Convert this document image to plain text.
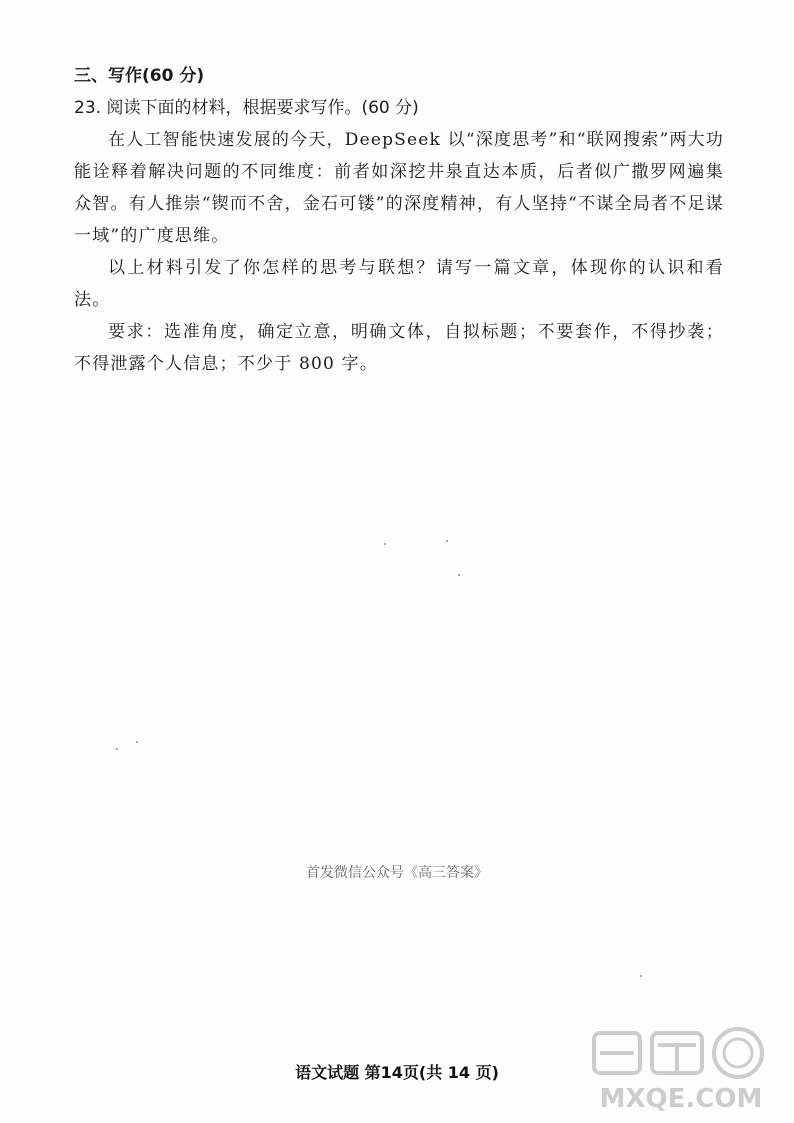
三、写作(60 分)

23. 阅读下面的材料，根据要求写作。(60 分)

在人工智能快速发展的今天，DeepSeek 以“深度思考”和“联网搜索”两大功能诠释着解决问题的不同维度：前者如深挖井泉直达本质，后者似广撒罗网遍集众智。有人推崇“锲而不舍，金石可镂”的深度精神，有人坚持“不谋全局者不足谋一域”的广度思维。

以上材料引发了你怎样的思考与联想？请写一篇文章，体现你的认识和看法。

要求：选准角度，确定立意，明确文体，自拟标题；不要套作，不得抄袭；不得泄露个人信息；不少于 800 字。

首发微信公众号《高三答案》
语文试题 第14页(共 14 页)
MXQE.COM
